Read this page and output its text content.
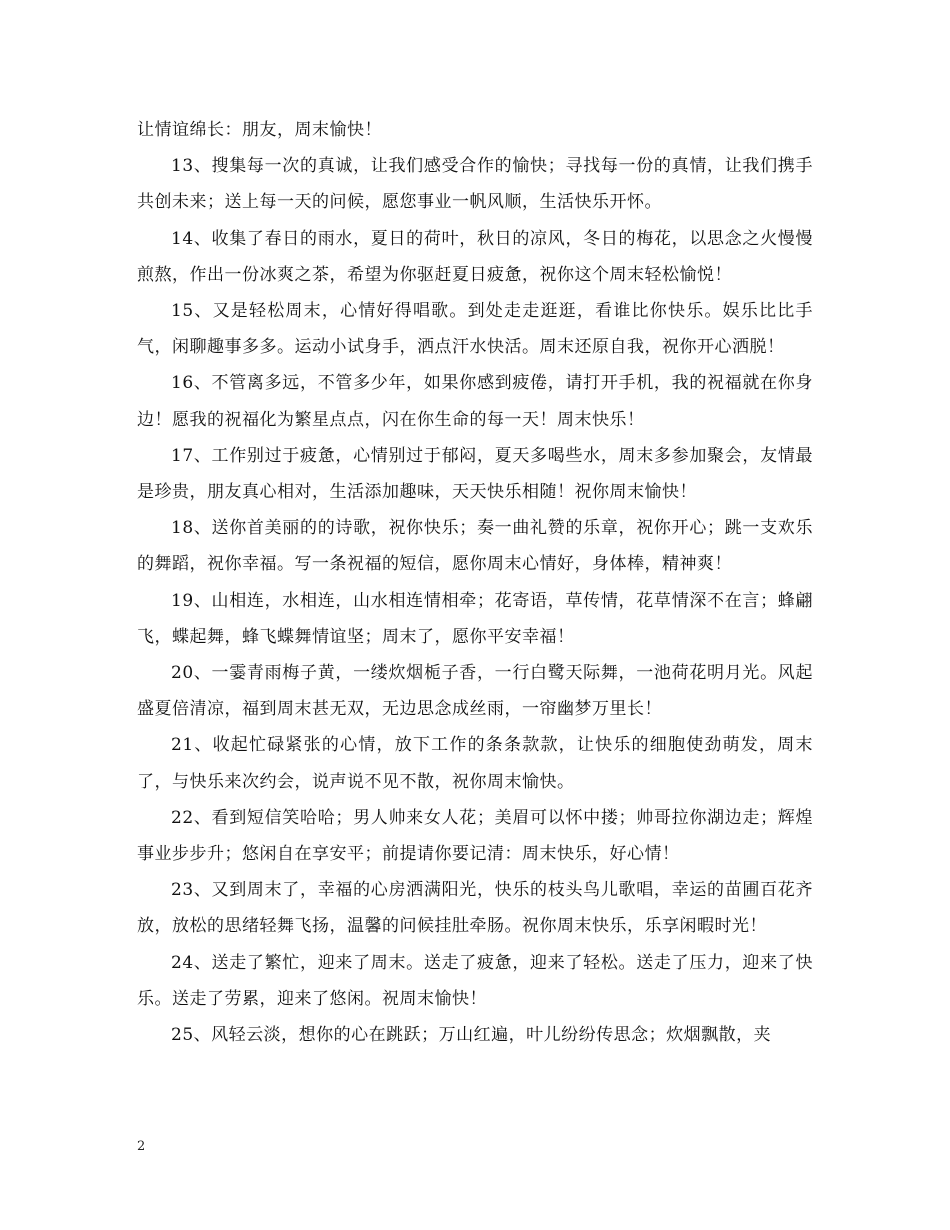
让情谊绵长：朋友，周末愉快！

13、搜集每一次的真诚，让我们感受合作的愉快；寻找每一份的真情，让我们携手共创未来；送上每一天的问候，愿您事业一帆风顺，生活快乐开怀。

14、收集了春日的雨水，夏日的荷叶，秋日的凉风，冬日的梅花，以思念之火慢慢煎熬，作出一份冰爽之茶，希望为你驱赶夏日疲惫，祝你这个周末轻松愉悦！

15、又是轻松周末，心情好得唱歌。到处走走逛逛，看谁比你快乐。娱乐比比手气，闲聊趣事多多。运动小试身手，洒点汗水快活。周末还原自我，祝你开心洒脱！

16、不管离多远，不管多少年，如果你感到疲倦，请打开手机，我的祝福就在你身边！愿我的祝福化为繁星点点，闪在你生命的每一天！周末快乐！

17、工作别过于疲惫，心情别过于郁闷，夏天多喝些水，周末多参加聚会，友情最是珍贵，朋友真心相对，生活添加趣味，天天快乐相随！祝你周末愉快！

18、送你首美丽的的诗歌，祝你快乐；奏一曲礼赞的乐章，祝你开心；跳一支欢乐的舞蹈，祝你幸福。写一条祝福的短信，愿你周末心情好，身体棒，精神爽！

19、山相连，水相连，山水相连情相牵；花寄语，草传情，花草情深不在言；蜂翩飞，蝶起舞，蜂飞蝶舞情谊坚；周末了，愿你平安幸福！

20、一霎青雨梅子黄，一缕炊烟栀子香，一行白鹭天际舞，一池荷花明月光。风起盛夏倍清凉，福到周末甚无双，无边思念成丝雨，一帘幽梦万里长！

21、收起忙碌紧张的心情，放下工作的条条款款，让快乐的细胞使劲萌发，周末了，与快乐来次约会，说声说不见不散，祝你周末愉快。

22、看到短信笑哈哈；男人帅来女人花；美眉可以怀中搂；帅哥拉你湖边走；辉煌事业步步升；悠闲自在享安平；前提请你要记清：周末快乐，好心情！

23、又到周末了，幸福的心房洒满阳光，快乐的枝头鸟儿歌唱，幸运的苗圃百花齐放，放松的思绪轻舞飞扬，温馨的问候挂肚牵肠。祝你周末快乐，乐享闲暇时光！

24、送走了繁忙，迎来了周末。送走了疲惫，迎来了轻松。送走了压力，迎来了快乐。送走了劳累，迎来了悠闲。祝周末愉快！

25、风轻云淡，想你的心在跳跃；万山红遍，叶儿纷纷传思念；炊烟飘散，夹

2
